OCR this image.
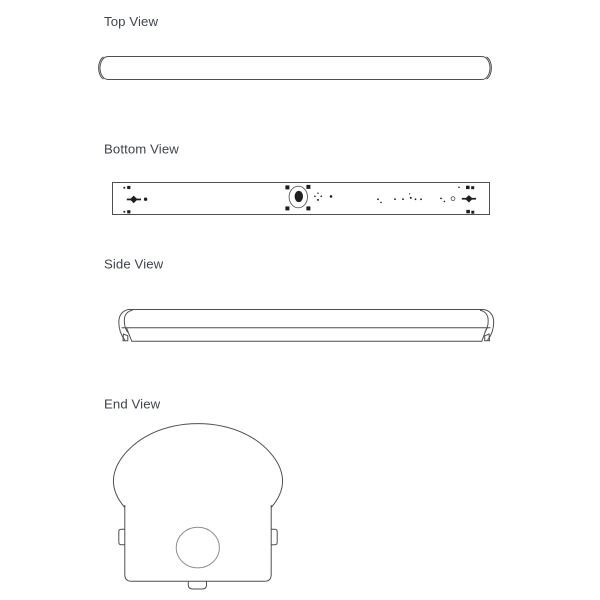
Top View
Bottom View
Side View
End View
